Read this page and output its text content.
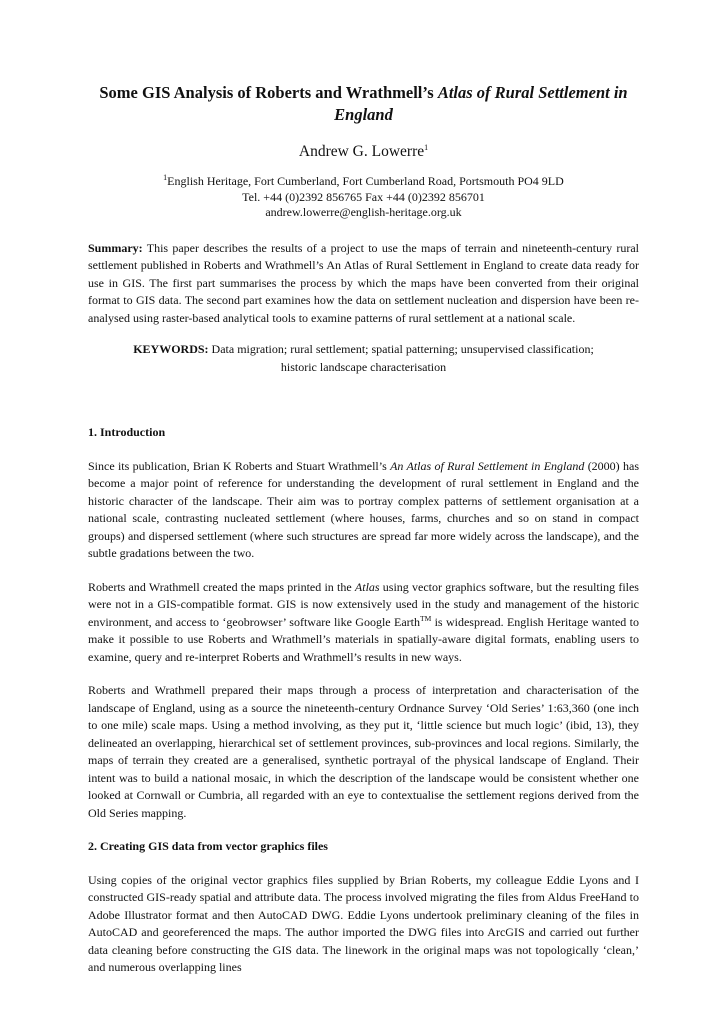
Some GIS Analysis of Roberts and Wrathmell’s Atlas of Rural Settlement in England
Andrew G. Lowerre$^1$
$^1$English Heritage, Fort Cumberland, Fort Cumberland Road, Portsmouth PO4 9LD
Tel. +44 (0)2392 856765 Fax +44 (0)2392 856701
andrew.lowerre@english-heritage.org.uk

Summary: This paper describes the results of a project to use the maps of terrain and nineteenth-century rural settlement published in Roberts and Wrathmell’s An Atlas of Rural Settlement in England to create data ready for use in GIS. The first part summarises the process by which the maps have been converted from their original format to GIS data. The second part examines how the data on settlement nucleation and dispersion have been re-analysed using raster-based analytical tools to examine patterns of rural settlement at a national scale.

KEYWORDS: Data migration; rural settlement; spatial patterning; unsupervised classification;
historic landscape characterisation
1. Introduction

Since its publication, Brian K Roberts and Stuart Wrathmell’s An Atlas of Rural Settlement in England (2000) has become a major point of reference for understanding the development of rural settlement in England and the historic character of the landscape. Their aim was to portray complex patterns of settlement organisation at a national scale, contrasting nucleated settlement (where houses, farms, churches and so on stand in compact groups) and dispersed settlement (where such structures are spread far more widely across the landscape), and the subtle gradations between the two.

Roberts and Wrathmell created the maps printed in the Atlas using vector graphics software, but the resulting files were not in a GIS-compatible format. GIS is now extensively used in the study and management of the historic environment, and access to ‘geobrowser’ software like Google Earth™ is widespread. English Heritage wanted to make it possible to use Roberts and Wrathmell’s materials in spatially-aware digital formats, enabling users to examine, query and re-interpret Roberts and Wrathmell’s results in new ways.

Roberts and Wrathmell prepared their maps through a process of interpretation and characterisation of the landscape of England, using as a source the nineteenth-century Ordnance Survey ‘Old Series’ 1:63,360 (one inch to one mile) scale maps. Using a method involving, as they put it, ‘little science but much logic’ (ibid, 13), they delineated an overlapping, hierarchical set of settlement provinces, sub-provinces and local regions. Similarly, the maps of terrain they created are a generalised, synthetic portrayal of the physical landscape of England. Their intent was to build a national mosaic, in which the description of the landscape would be consistent whether one looked at Cornwall or Cumbria, all regarded with an eye to contextualise the settlement regions derived from the Old Series mapping.

2. Creating GIS data from vector graphics files

Using copies of the original vector graphics files supplied by Brian Roberts, my colleague Eddie Lyons and I constructed GIS-ready spatial and attribute data. The process involved migrating the files from Aldus FreeHand to Adobe Illustrator format and then AutoCAD DWG. Eddie Lyons undertook preliminary cleaning of the files in AutoCAD and georeferenced the maps. The author imported the DWG files into ArcGIS and carried out further data cleaning before constructing the GIS data. The linework in the original maps was not topologically ‘clean,’ and numerous overlapping lines
